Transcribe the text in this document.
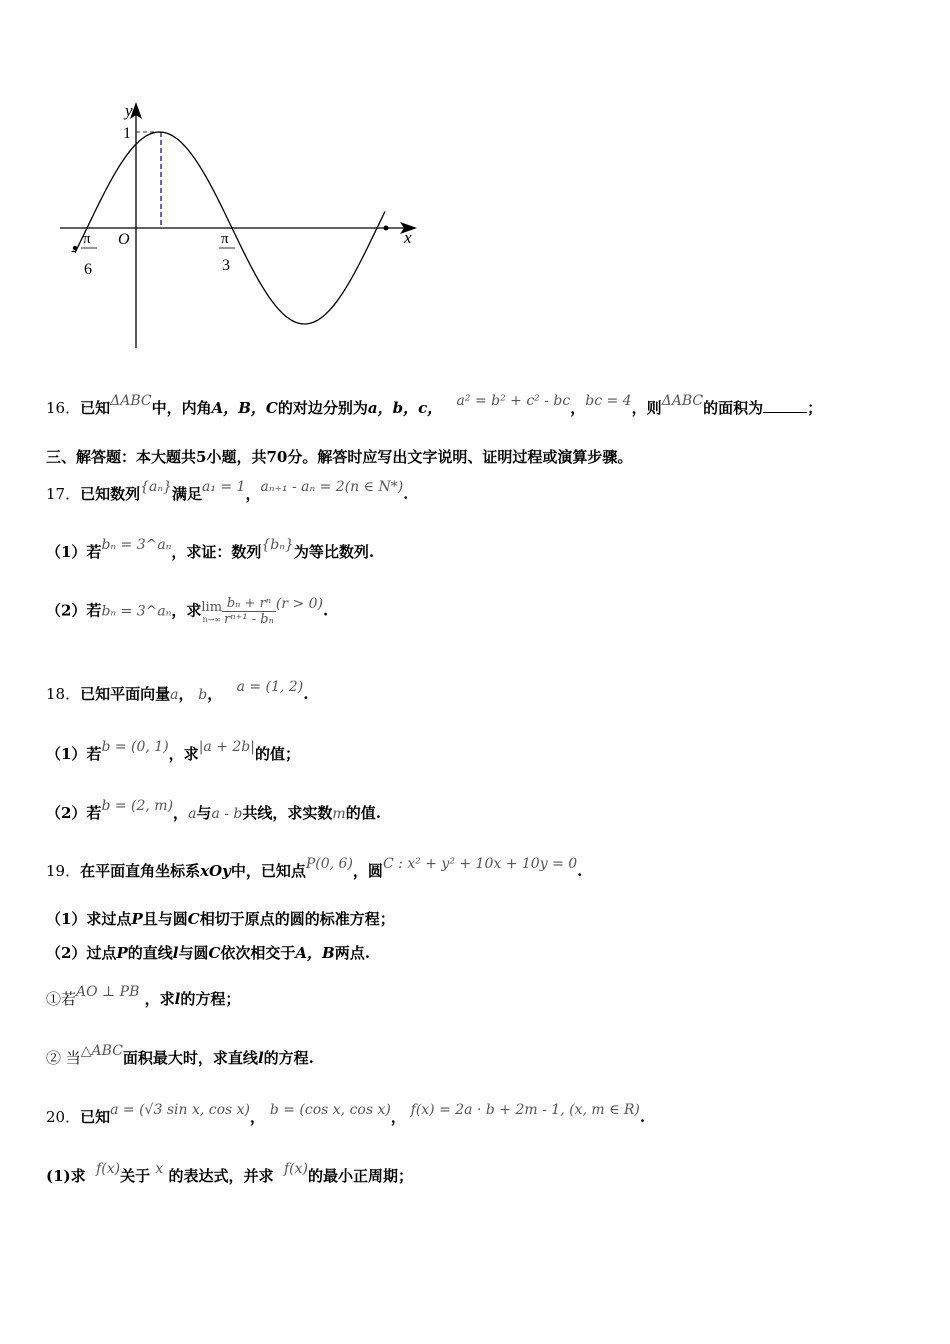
y
x
O
1
-
π
6
π
3
16．已知ΔABC中，内角A，B，C的对边分别为a，b，c， a² = b² + c² - bc，bc = 4，则ΔABC的面积为	；
三、解答题：本大题共5小题，共70分。解答时应写出文字说明、证明过程或演算步骤。
17．已知数列{aₙ}满足a₁ = 1，aₙ₊₁ - aₙ = 2(n ∈ N*).
（1）若bₙ = 3^aₙ，求证：数列{bₙ}为等比数列.
（2）若bₙ = 3^aₙ，求lim
$n\to\infty \frac{\text{bₙ + rⁿ}}{\text{rⁿ⁺¹ - bₙ}} (r > 0)$.
18．已知平面向量a， b， a = (1, 2).
（1）若b = (0, 1)，求|a + 2b|的值；
（2）若b = (2, m)，a与a - b共线，求实数m的值.
19．在平面直角坐标系xOy中，已知点P(0, 6)，圆C : x² + y² + 10x + 10y = 0.
（1）求过点P且与圆C相切于原点的圆的标准方程；
（2）过点P的直线l与圆C依次相交于A，B两点.
①若AO ⊥ PB ，求l的方程；
② 当△ABC面积最大时，求直线l的方程.
20．已知a = (√3 sin x, cos x)， b = (cos x, cos x)， f(x) = 2a · b + 2m - 1, (x, m ∈ R).
(1)求 f(x)关于 x 的表达式，并求 f(x)的最小正周期；
